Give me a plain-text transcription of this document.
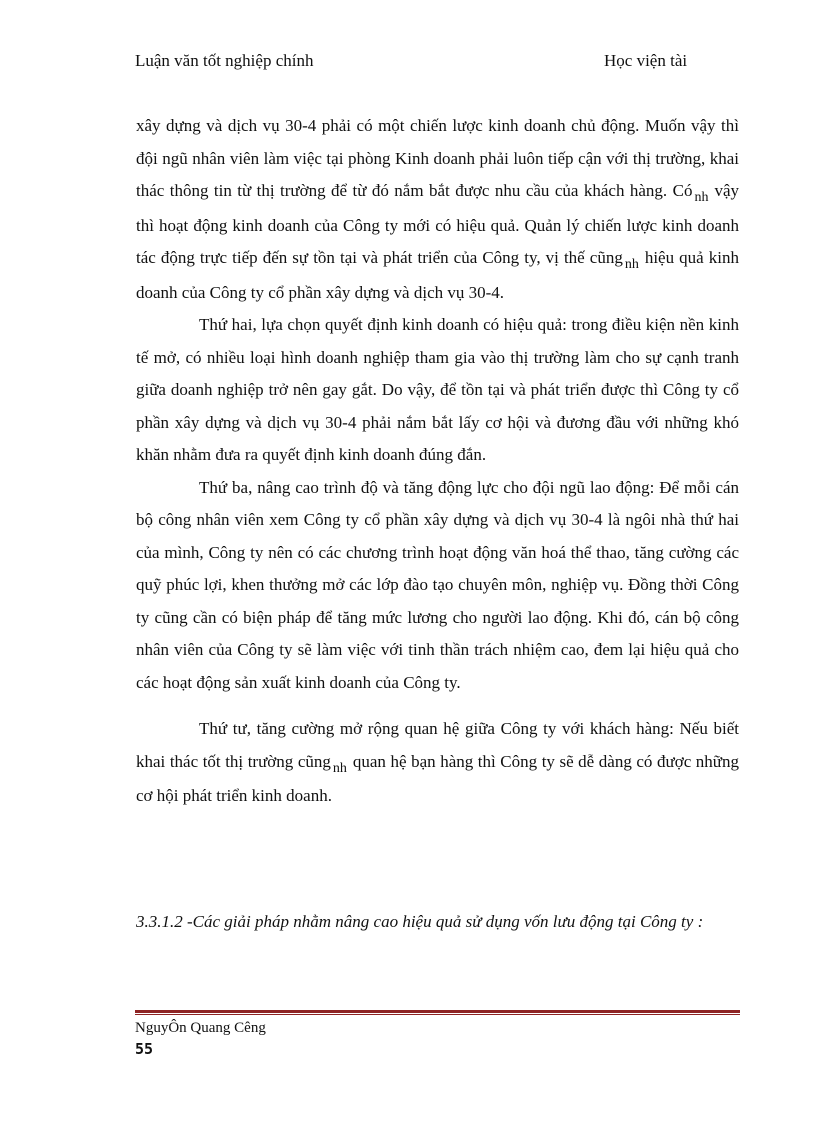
Luận văn tốt nghiệp chính	Học viện tài

xây dựng và dịch vụ 30-4 phải có một chiến lược kinh doanh chủ động. Muốn vậy thì đội ngũ nhân viên làm việc tại phòng Kinh doanh phải luôn tiếp cận với thị trường, khai thác thông tin từ thị trường để từ đó nắm bắt được nhu cầu của khách hàng. Có $_{nh}$ vậy thì hoạt động kinh doanh của Công ty mới có hiệu quả. Quản lý chiến lược kinh doanh tác động trực tiếp đến sự tồn tại và phát triển của Công ty, vị thế cũng $_{nh}$ hiệu quả kinh doanh của Công ty cổ phần xây dựng và dịch vụ 30-4.

Thứ hai, lựa chọn quyết định kinh doanh có hiệu quả: trong điều kiện nền kinh tế mở, có nhiều loại hình doanh nghiệp tham gia vào thị trường làm cho sự cạnh tranh giữa doanh nghiệp trở nên gay gắt. Do vậy, để tồn tại và phát triển được thì Công ty cổ phần xây dựng và dịch vụ 30-4 phải nắm bắt lấy cơ hội và đương đầu với những khó khăn nhằm đưa ra quyết định kinh doanh đúng đắn.

Thứ ba, nâng cao trình độ và tăng động lực cho đội ngũ lao động: Để mỗi cán bộ công nhân viên xem Công ty cổ phần xây dựng và dịch vụ 30-4 là ngôi nhà thứ hai của mình, Công ty nên có các chương trình hoạt động văn hoá thể thao, tăng cường các quỹ phúc lợi, khen thưởng mở các lớp đào tạo chuyên môn, nghiệp vụ. Đồng thời Công ty cũng cần có biện pháp để tăng mức lương cho người lao động. Khi đó, cán bộ công nhân viên của Công ty sẽ làm việc với tinh thần trách nhiệm cao, đem lại hiệu quả cho các hoạt động sản xuất kinh doanh của Công ty.

Thứ tư, tăng cường mở rộng quan hệ giữa Công ty với khách hàng: Nếu biết khai thác tốt thị trường cũng $_{nh}$ quan hệ bạn hàng thì Công ty sẽ dễ dàng có được những cơ hội phát triển kinh doanh.

3.3.1.2 -Các giải pháp nhằm nâng cao hiệu quả sử dụng vốn lưu động tại Công ty :
NguyÔn Quang Cêng
55
